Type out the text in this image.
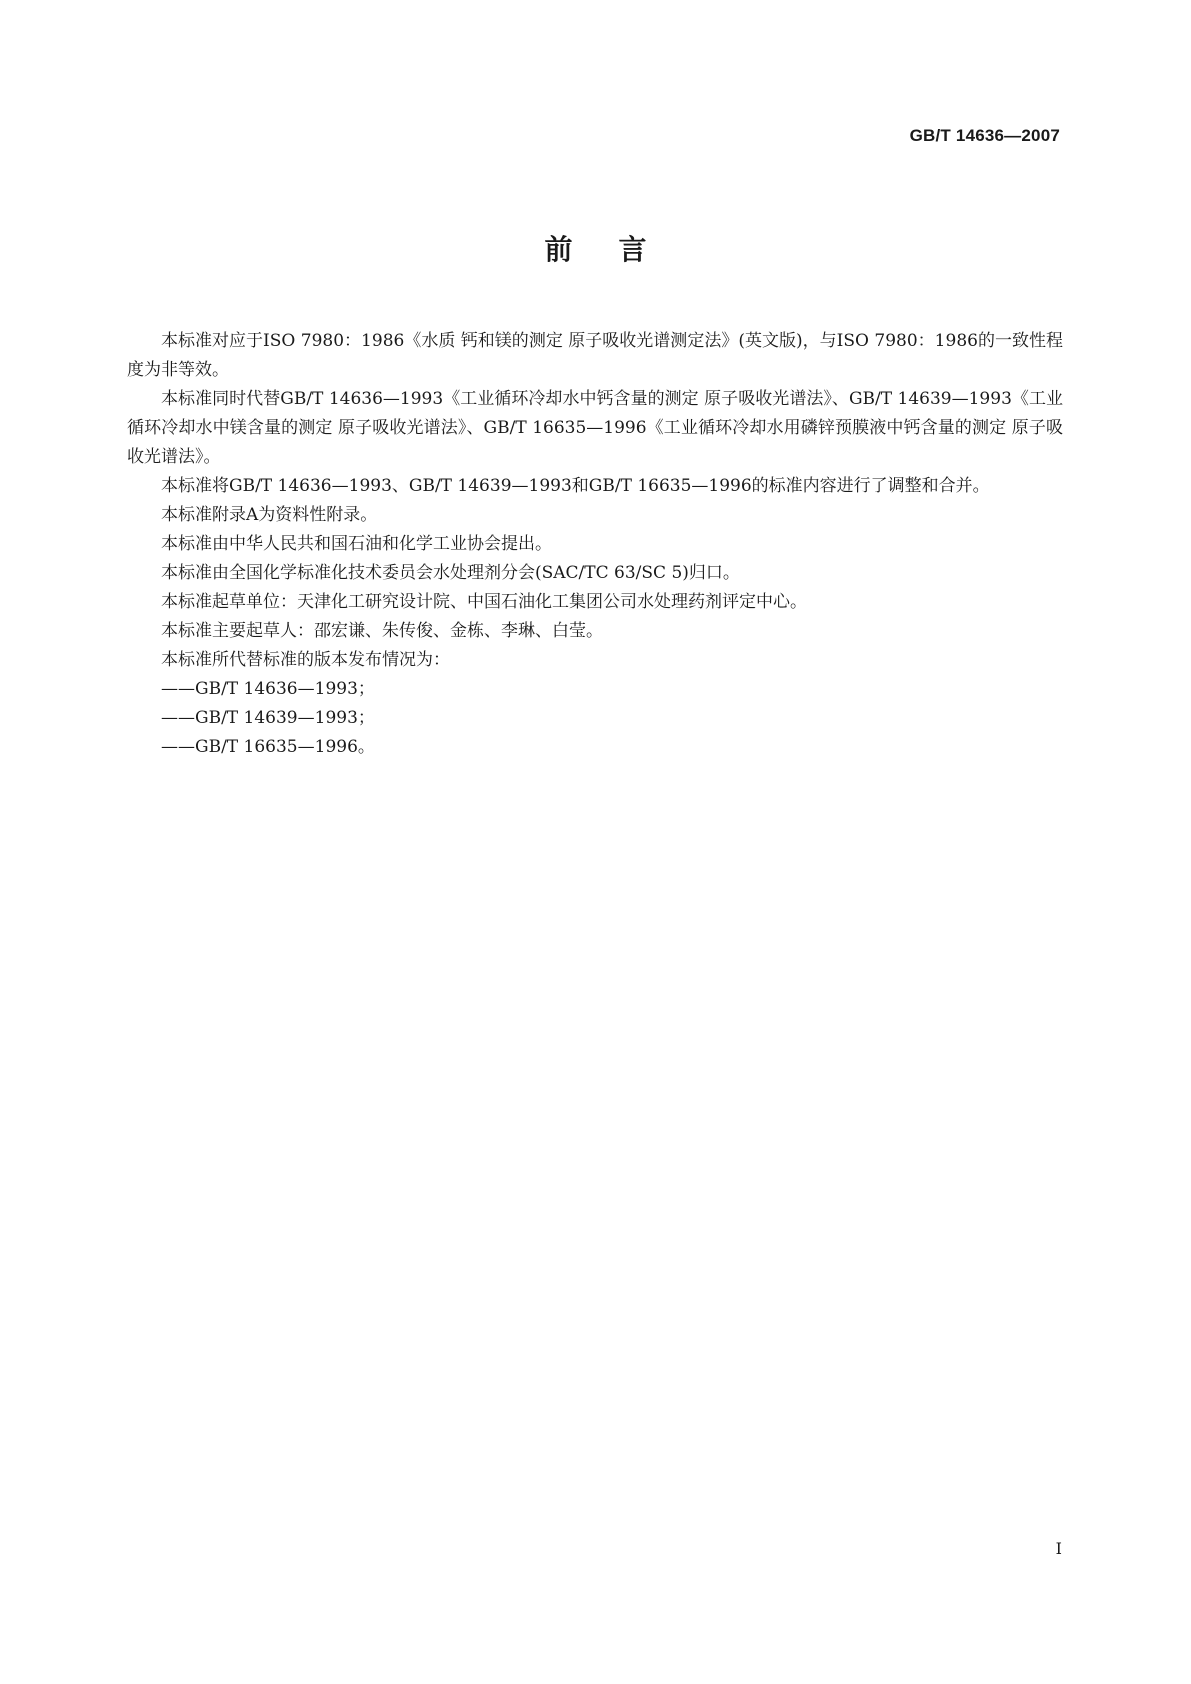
GB/T 14636—2007
前言

本标准对应于ISO 7980：1986《水质 钙和镁的测定 原子吸收光谱测定法》(英文版)，与ISO 7980：1986的一致性程度为非等效。

本标准同时代替GB/T 14636—1993《工业循环冷却水中钙含量的测定 原子吸收光谱法》、GB/T 14639—1993《工业循环冷却水中镁含量的测定 原子吸收光谱法》、GB/T 16635—1996《工业循环冷却水用磷锌预膜液中钙含量的测定 原子吸收光谱法》。

本标准将GB/T 14636—1993、GB/T 14639—1993和GB/T 16635—1996的标准内容进行了调整和合并。

本标准附录A为资料性附录。

本标准由中华人民共和国石油和化学工业协会提出。

本标准由全国化学标准化技术委员会水处理剂分会(SAC/TC 63/SC 5)归口。

本标准起草单位：天津化工研究设计院、中国石油化工集团公司水处理药剂评定中心。

本标准主要起草人：邵宏谦、朱传俊、金栋、李琳、白莹。

本标准所代替标准的版本发布情况为：

——GB/T 14636—1993；

——GB/T 14639—1993；

——GB/T 16635—1996。

I
